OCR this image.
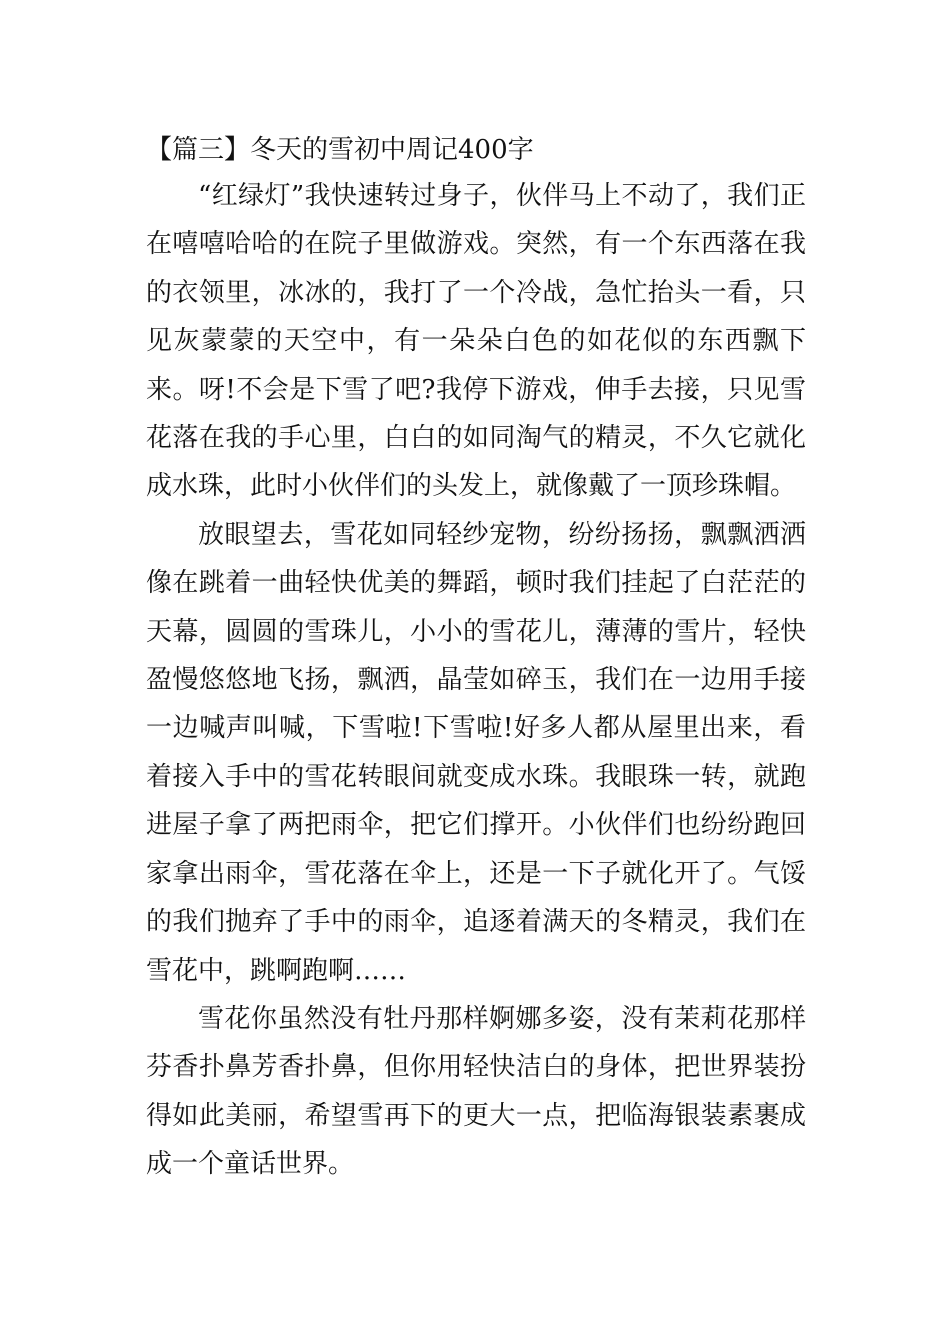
【篇三】冬天的雪初中周记400字

“红绿灯”我快速转过身子，伙伴马上不动了，我们正在嘻嘻哈哈的在院子里做游戏。突然，有一个东西落在我的衣领里，冰冰的，我打了一个冷战，急忙抬头一看，只见灰蒙蒙的天空中，有一朵朵白色的如花似的东西飘下来。呀!不会是下雪了吧?我停下游戏，伸手去接，只见雪花落在我的手心里，白白的如同淘气的精灵，不久它就化成水珠，此时小伙伴们的头发上，就像戴了一顶珍珠帽。

放眼望去，雪花如同轻纱宠物，纷纷扬扬，飘飘洒洒像在跳着一曲轻快优美的舞蹈，顿时我们挂起了白茫茫的天幕，圆圆的雪珠儿，小小的雪花儿，薄薄的雪片，轻快盈慢悠悠地飞扬，飘洒，晶莹如碎玉，我们在一边用手接一边喊声叫喊，下雪啦!下雪啦!好多人都从屋里出来，看着接入手中的雪花转眼间就变成水珠。我眼珠一转，就跑进屋子拿了两把雨伞，把它们撑开。小伙伴们也纷纷跑回家拿出雨伞，雪花落在伞上，还是一下子就化开了。气馁的我们抛弃了手中的雨伞，追逐着满天的冬精灵，我们在雪花中，跳啊跑啊……

雪花你虽然没有牡丹那样婀娜多姿，没有茉莉花那样芬香扑鼻芳香扑鼻，但你用轻快洁白的身体，把世界装扮得如此美丽，希望雪再下的更大一点，把临海银装素裹成成一个童话世界。
